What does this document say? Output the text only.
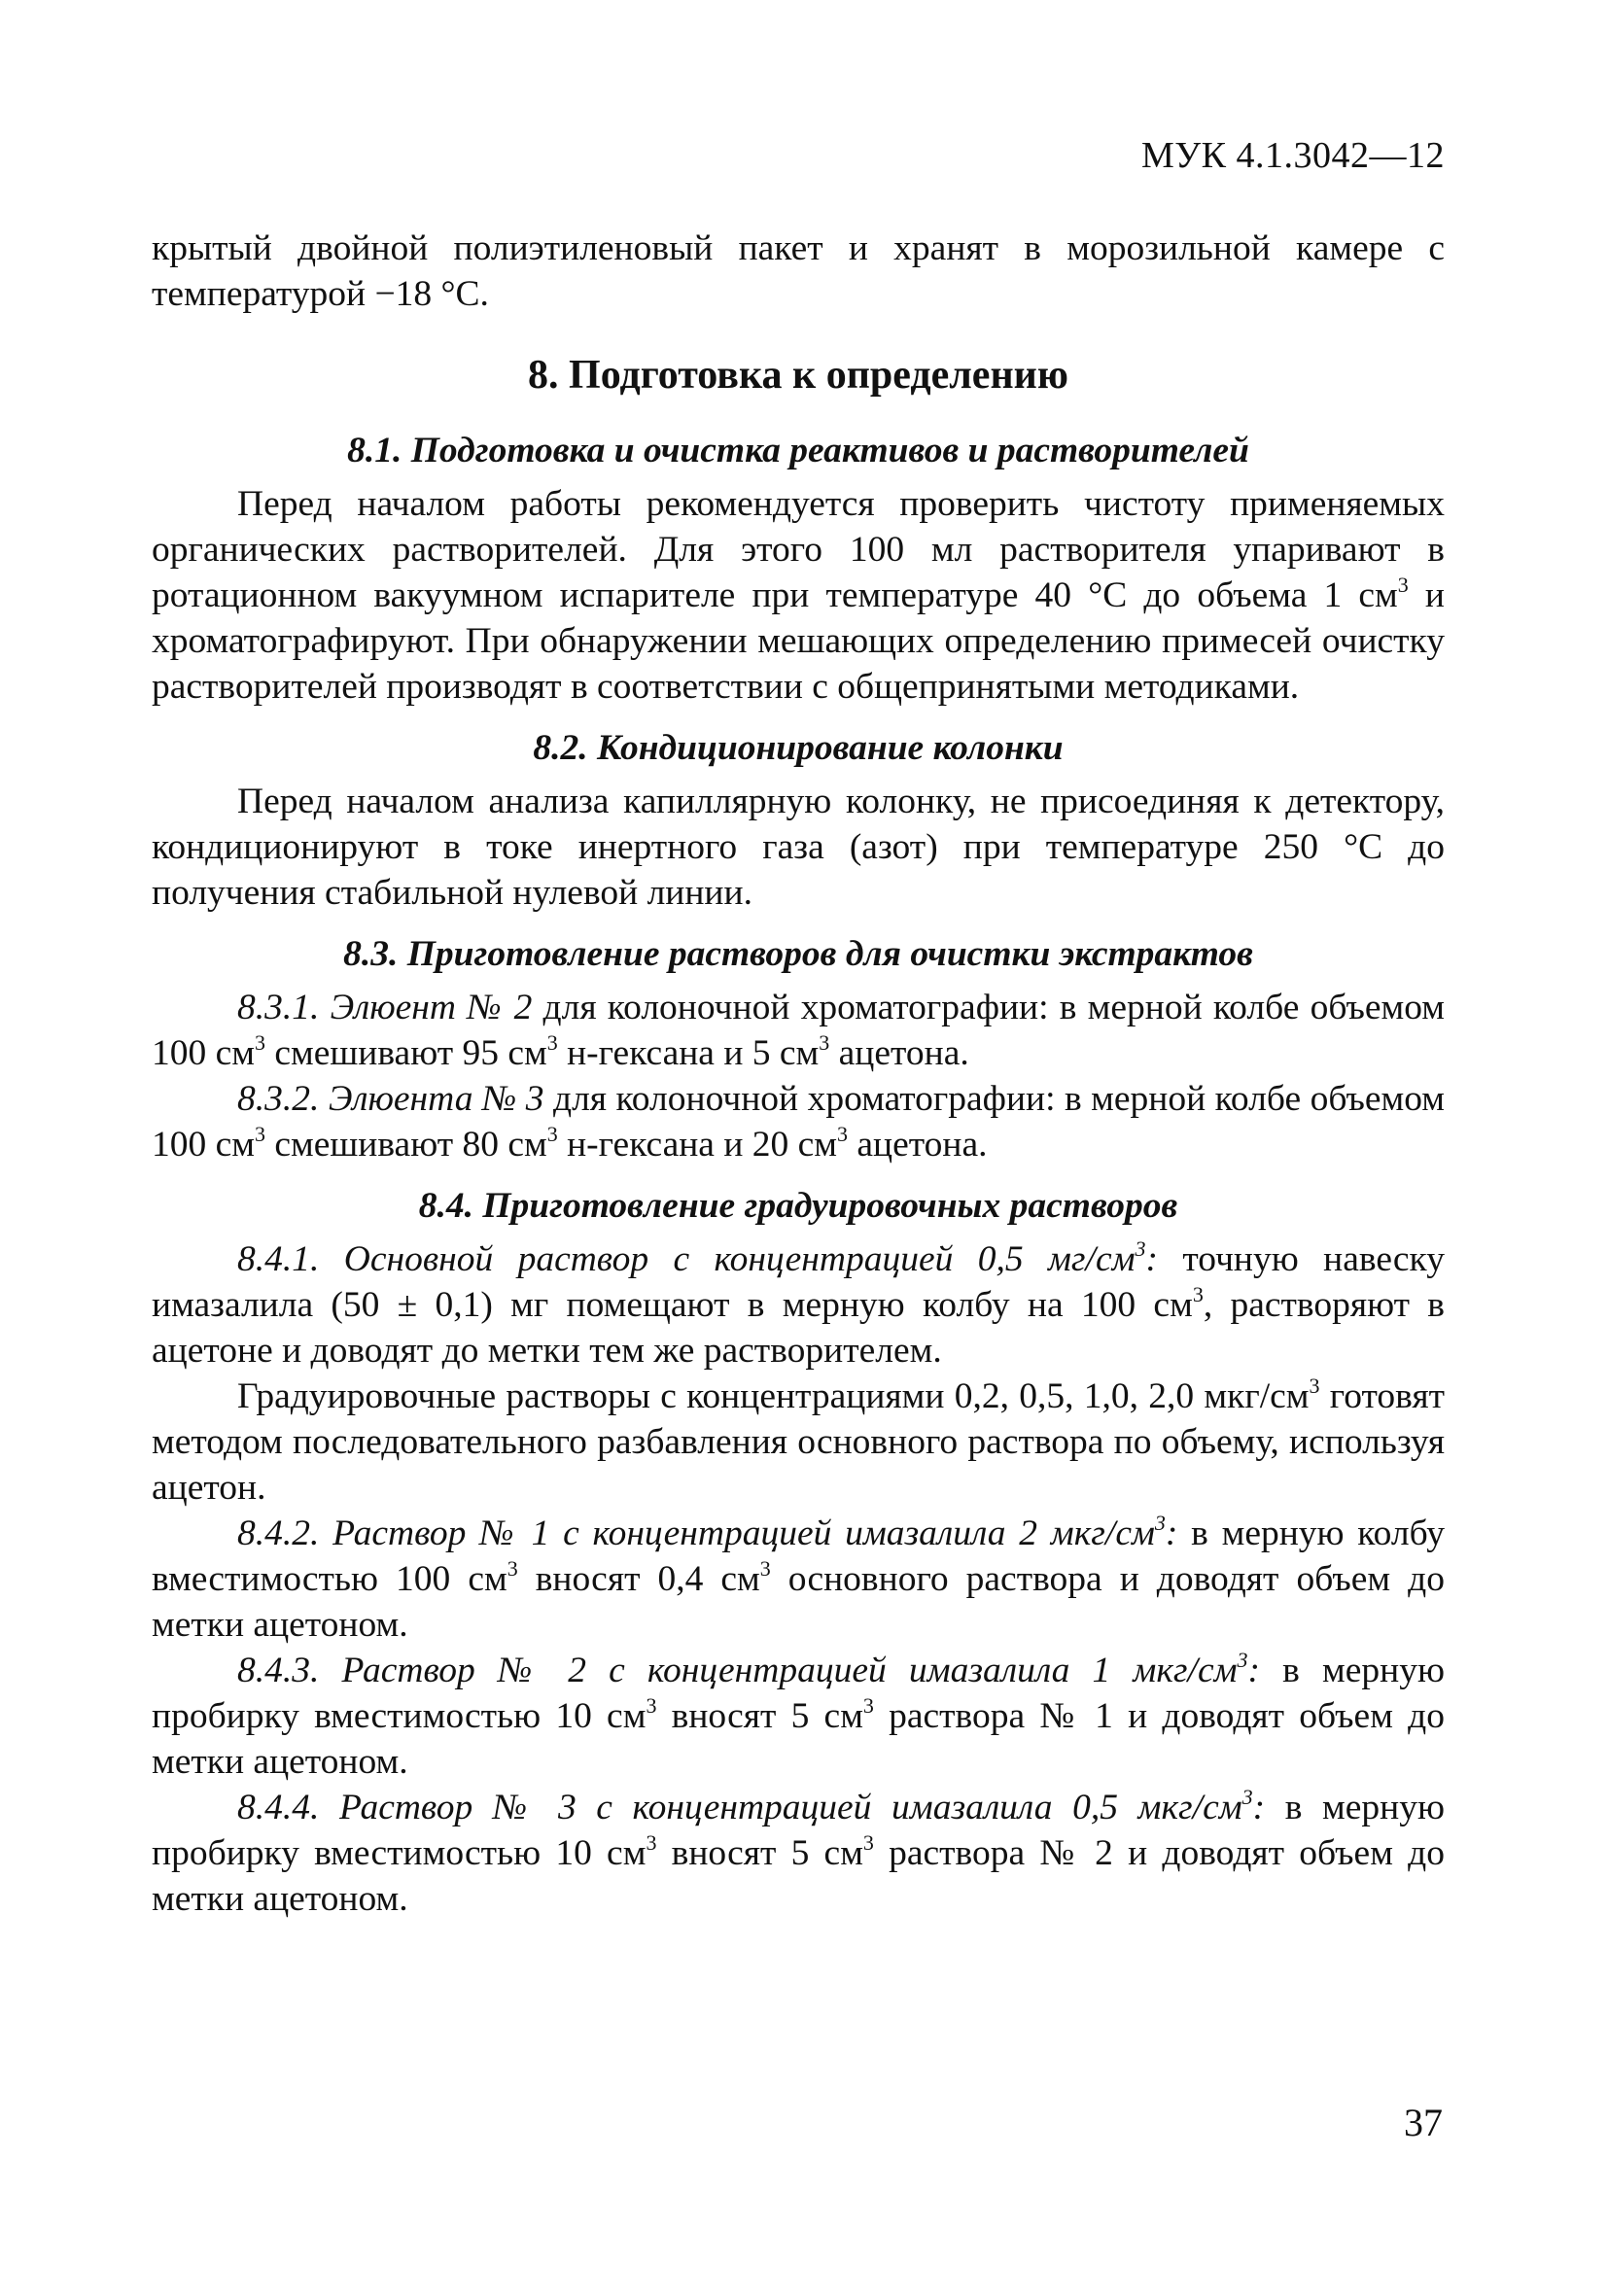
МУК 4.1.3042—12

крытый двойной полиэтиленовый пакет и хранят в морозильной камере с температурой −18 °С.

8. Подготовка к определению
8.1. Подготовка и очистка реактивов и растворителей

Перед началом работы рекомендуется проверить чистоту применяемых органических растворителей. Для этого 100 мл растворителя упаривают в ротационном вакуумном испарителе при температуре 40 °С до объема 1 $см^3$ и хроматографируют. При обнаружении мешающих определению примесей очистку растворителей производят в соответствии с общепринятыми методиками.

8.2. Кондиционирование колонки

Перед началом анализа капиллярную колонку, не присоединяя к детектору, кондиционируют в токе инертного газа (азот) при температуре 250 °С до получения стабильной нулевой линии.

8.3. Приготовление растворов для очистки экстрактов

8.3.1. Элюент № 2 для колоночной хроматографии: в мерной колбе объемом 100 $см^3$ смешивают 95 $см^3$ н-гексана и 5 $см^3$ ацетона.

8.3.2. Элюента № 3 для колоночной хроматографии: в мерной колбе объемом 100 $см^3$ смешивают 80 $см^3$ н-гексана и 20 $см^3$ ацетона.

8.4. Приготовление градуировочных растворов

8.4.1. Основной раствор с концентрацией 0,5 $мг/см^3$: точную навеску имазалила (50 ± 0,1) мг помещают в мерную колбу на 100 $см^3$, растворяют в ацетоне и доводят до метки тем же растворителем.

Градуировочные растворы с концентрациями 0,2, 0,5, 1,0, 2,0 мкг/$см^3$ готовят методом последовательного разбавления основного раствора по объему, используя ацетон.

8.4.2. Раствор № 1 с концентрацией имазалила 2 мкг/$см^3$: в мерную колбу вместимостью 100 $см^3$ вносят 0,4 $см^3$ основного раствора и доводят объем до метки ацетоном.

8.4.3. Раствор № 2 с концентрацией имазалила 1 мкг/$см^3$: в мерную пробирку вместимостью 10 $см^3$ вносят 5 $см^3$ раствора № 1 и доводят объем до метки ацетоном.

8.4.4. Раствор № 3 с концентрацией имазалила 0,5 мкг/$см^3$: в мерную пробирку вместимостью 10 $см^3$ вносят 5 $см^3$ раствора № 2 и доводят объем до метки ацетоном.

37
